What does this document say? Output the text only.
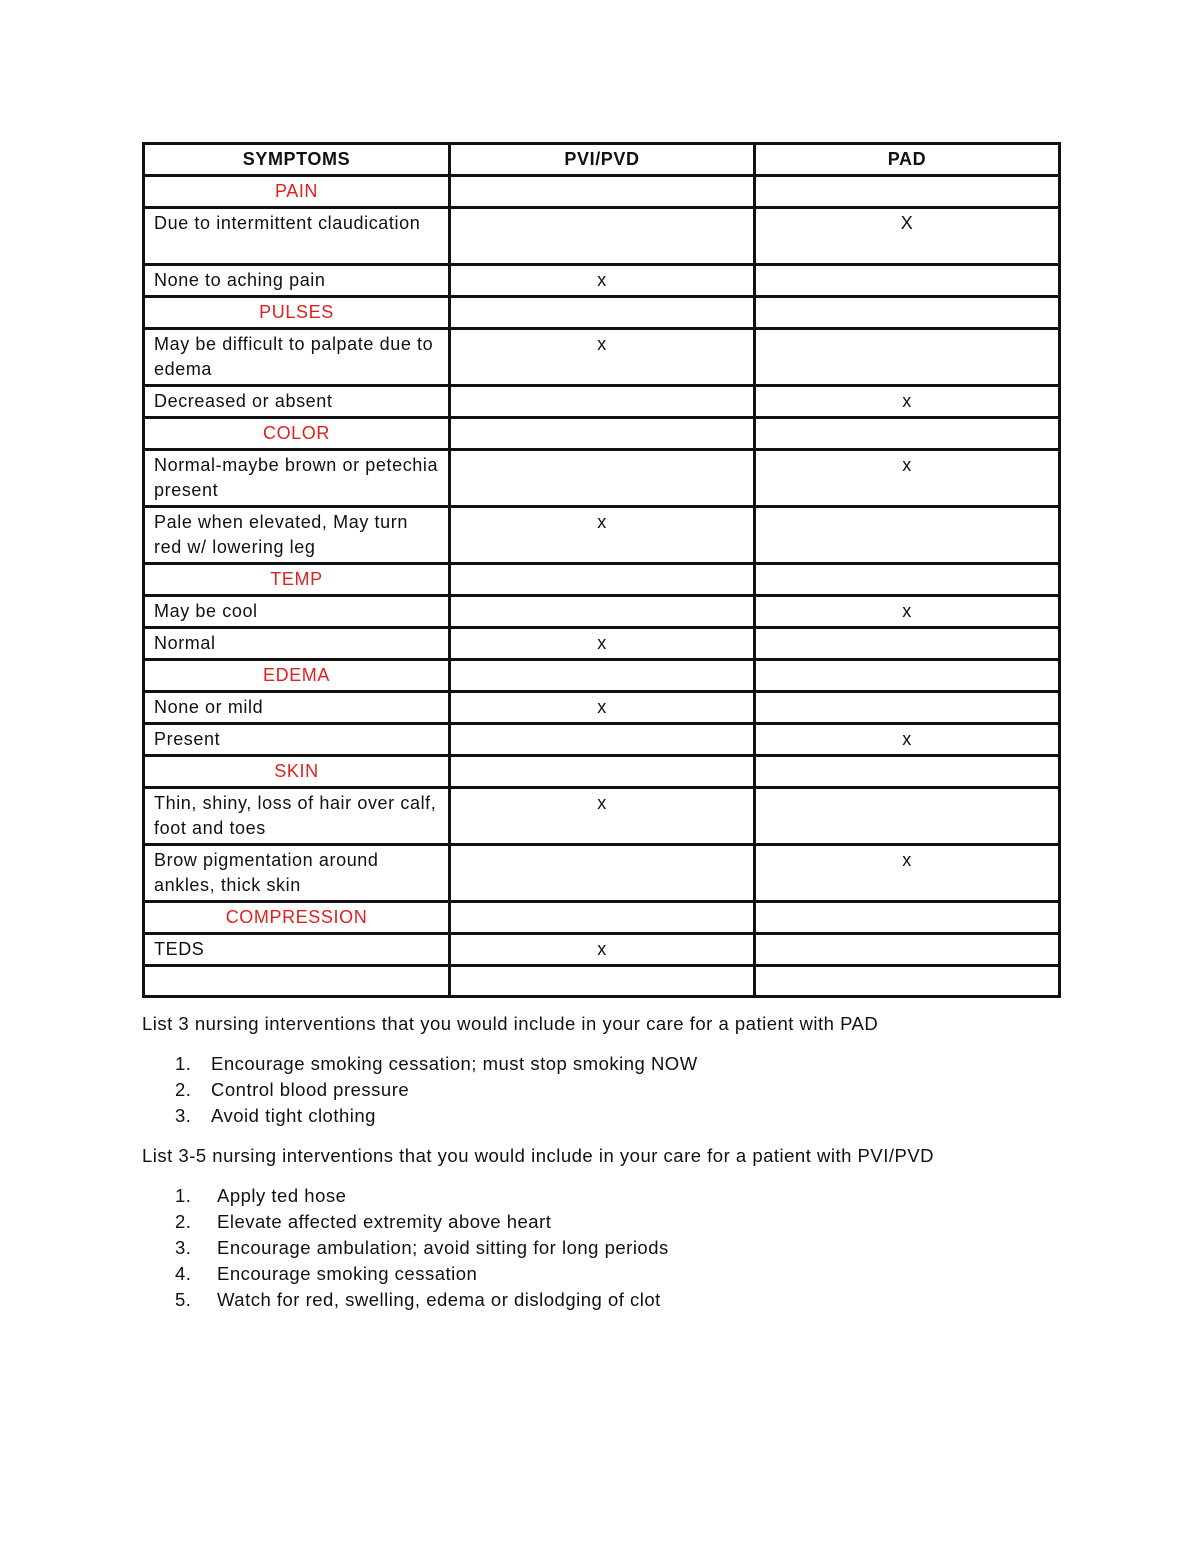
SYMPTOMS	PVI/PVD	PAD
PAIN		
Due to intermittent claudication		X
None to aching pain	x	
PULSES		
May be difficult to palpate due to edema	x	
Decreased or absent		x
COLOR		
Normal-maybe brown or petechia present		x
Pale when elevated, May turn red w/ lowering leg	x	
TEMP		
May be cool		x
Normal	x	
EDEMA		
None or mild	x	
Present		x
SKIN		
Thin, shiny, loss of hair over calf, foot and toes	x	
Brow pigmentation around ankles, thick skin		x
COMPRESSION		
TEDS	x	

List 3 nursing interventions that you would include in your care for a patient with PAD

1.	Encourage smoking cessation; must stop smoking NOW
2.	Control blood pressure
3.	Avoid tight clothing

List 3-5 nursing interventions that you would include in your care for a patient with PVI/PVD

1.	Apply ted hose
2.	Elevate affected extremity above heart
3.	Encourage ambulation; avoid sitting for long periods
4.	Encourage smoking cessation
5.	Watch for red, swelling, edema or dislodging of clot
